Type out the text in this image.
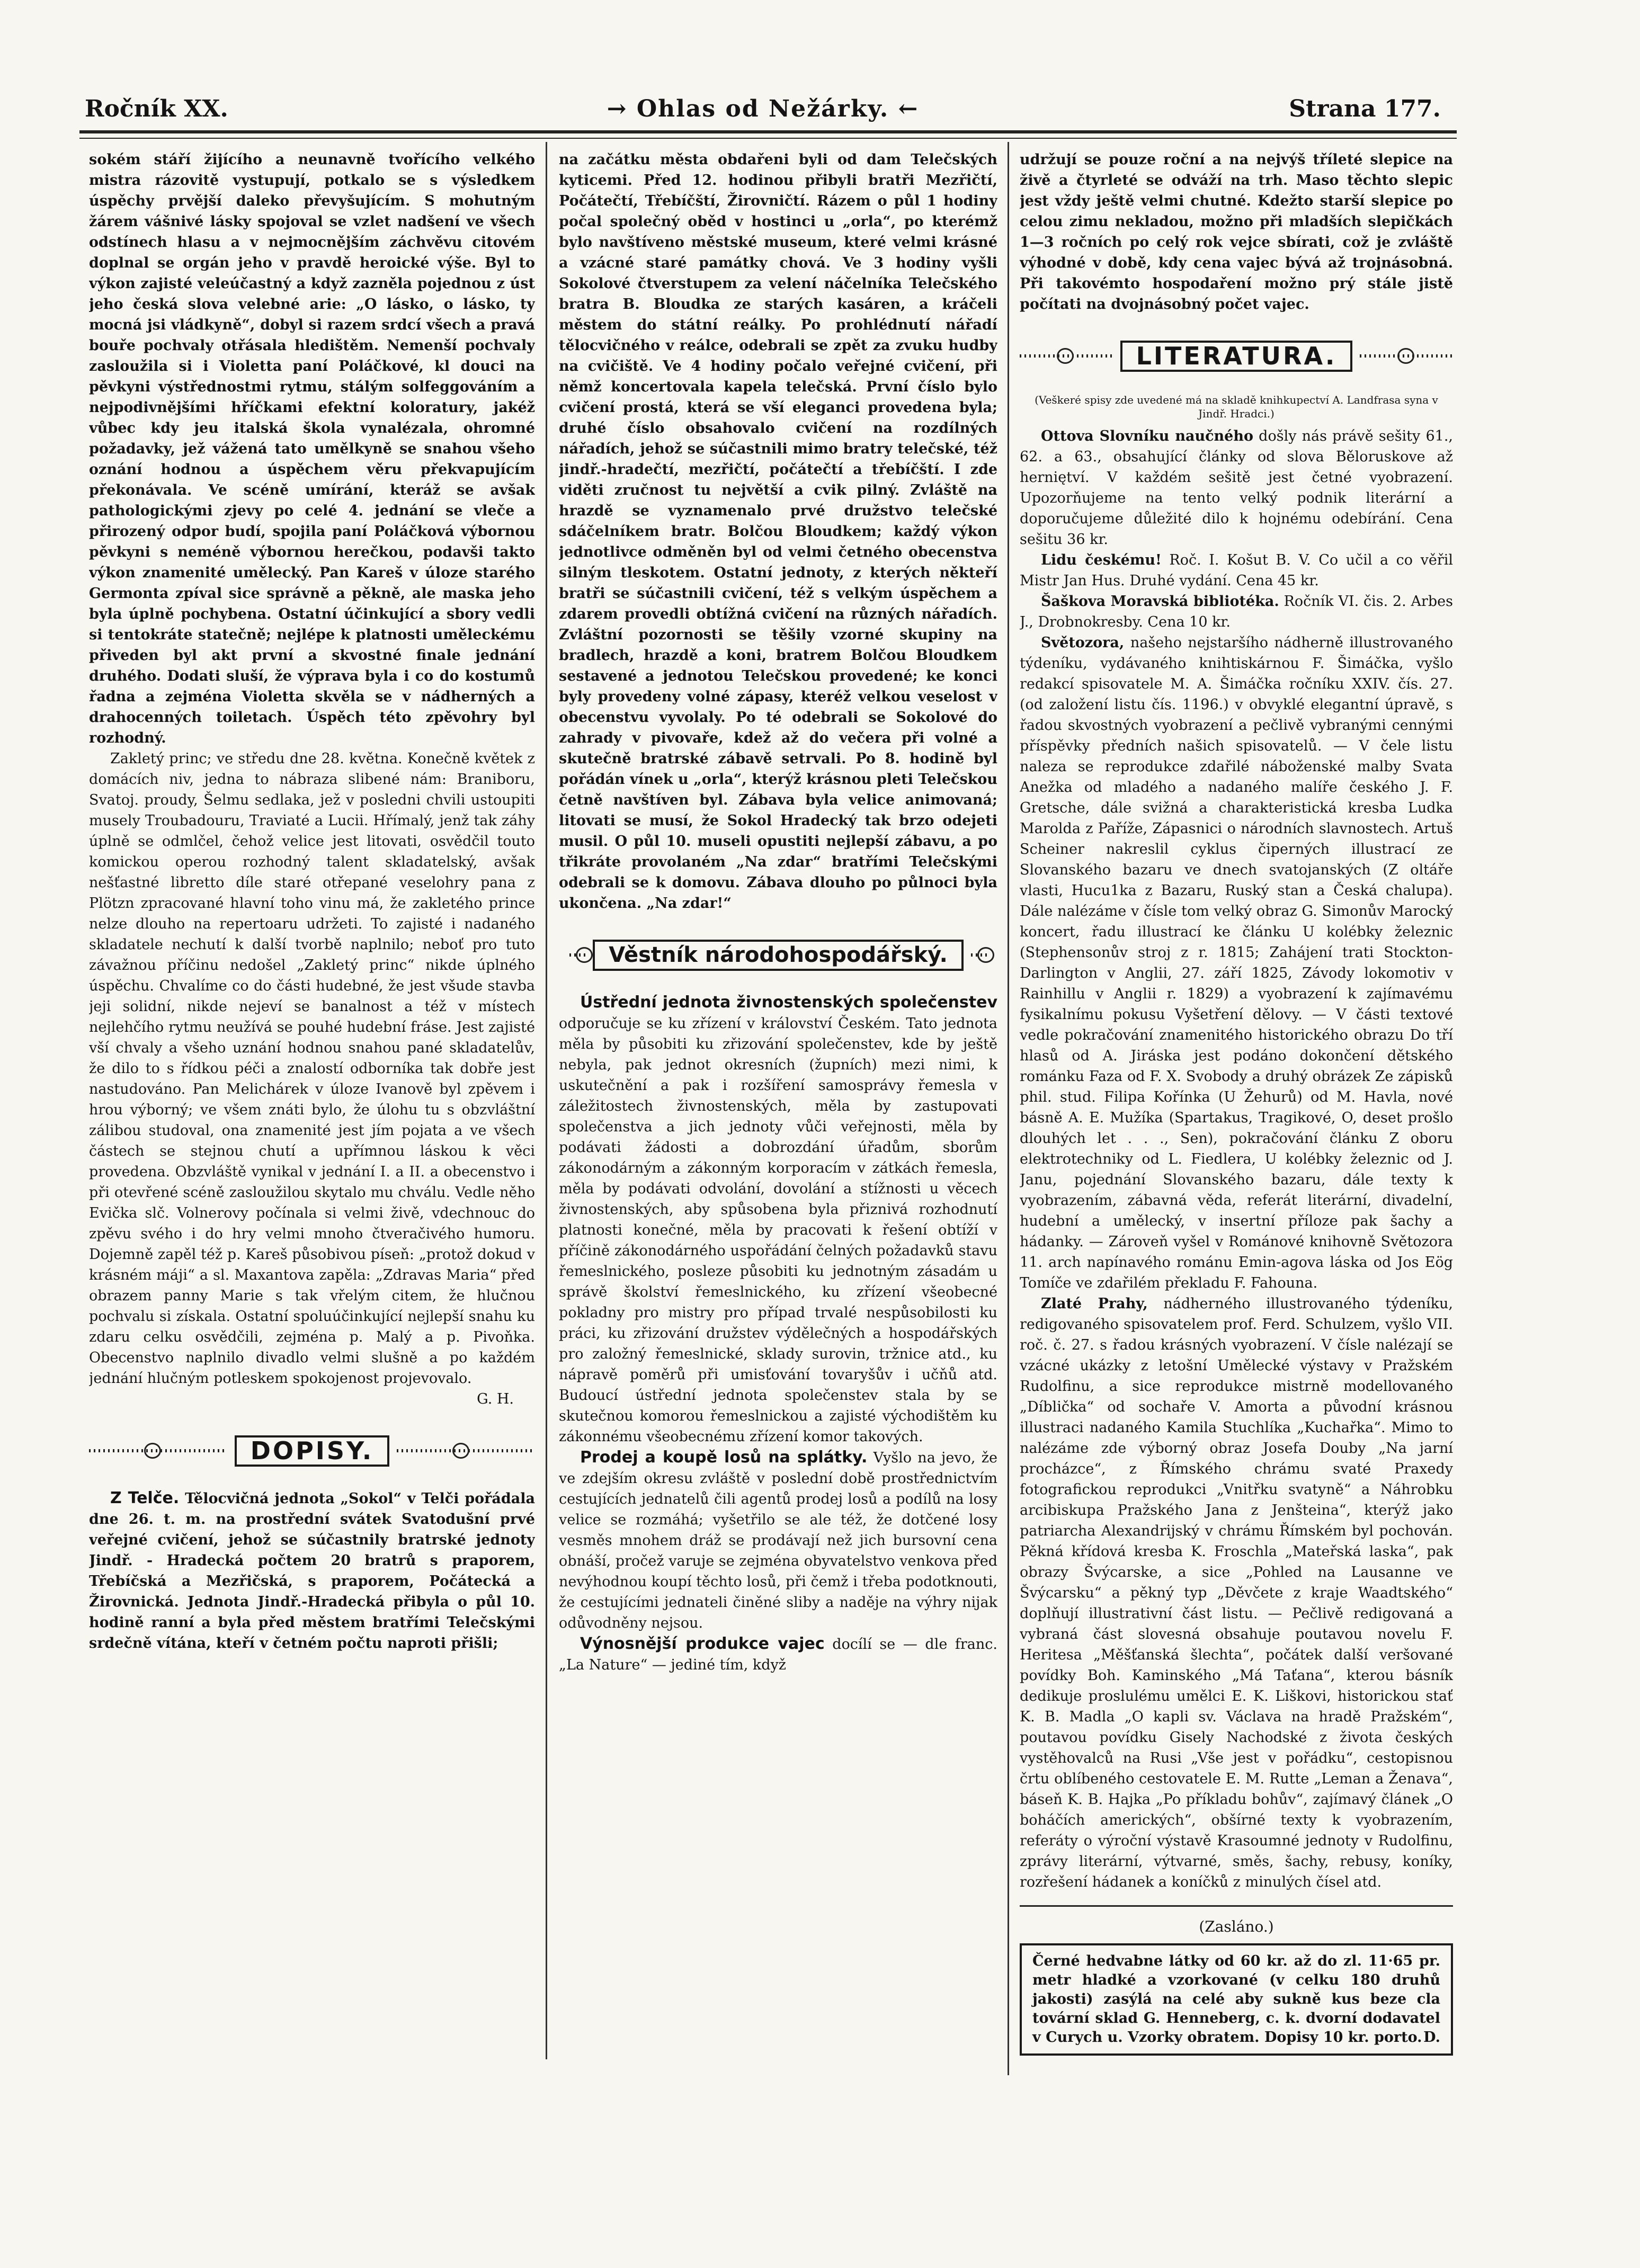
Ročník XX.	→ Ohlas od Nežárky. ←	Strana 177.

sokém stáří žijícího a neunavně tvořícího velkého mistra rázovitě vystupují, potkalo se s výsledkem úspěchy prvější daleko převyšujícím. S mohutným žárem vášnivé lásky spojoval se vzlet nadšení ve všech odstínech hlasu a v nejmocnějším záchvěvu citovém doplnal se orgán jeho v pravdě heroické výše. Byl to výkon zajisté veleúčastný a když zazněla pojednou z úst jeho česká slova velebné arie: „O lásko, o lásko, ty mocná jsi vládkyně“, dobyl si razem srdcí všech a pravá bouře pochvaly otřásala hledištěm. Nemenší pochvaly zasloužila si i Violetta paní Poláčkové, kl douci na pěvkyni výstřednostmi rytmu, stálým solfeggováním a nejpodivnějšími hříčkami efektní koloratury, jakéž vůbec kdy jeu italská škola vynalézala, ohromné požadavky, jež vážená tato umělkyně se snahou všeho oznání hodnou a úspěchem věru překvapujícím překonávala. Ve scéně umírání, kteráž se avšak pathologickými zjevy po celé 4. jednání se vleče a přirozený odpor budí, spojila paní Poláčková výbornou pěvkyni s neméně výbornou herečkou, podavši takto výkon znamenité umělecký. Pan Kareš v úloze starého Germonta zpíval sice správně a pěkně, ale maska jeho byla úplně pochybena. Ostatní účinkující a sbory vedli si tentokráte statečně; nejlépe k platnosti uměleckému přiveden byl akt první a skvostné finale jednání druhého. Dodati sluší, že výprava byla i co do kostumů řadna a zejména Violetta skvěla se v nádherných a drahocenných toiletach. Úspěch této zpěvohry byl rozhodný.

Zakletý princ; ve středu dne 28. května. Konečně květek z domácích niv, jedna to nábraza slibené nám: Braniboru, Svatoj. proudy, Šelmu sedlaka, jež v posledni chvili ustoupiti musely Troubadouru, Traviaté a Lucii. Hřímalý, jenž tak záhy úplně se odmlčel, čehož velice jest litovati, osvědčil touto komickou operou rozhodný talent skladatelský, avšak nešťastné libretto díle staré otřepané veselohry pana z Plötzn zpracované hlavní toho vinu má, že zakletého prince nelze dlouho na repertoaru udržeti. To zajisté i nadaného skladatele nechutí k další tvorbě naplnilo; neboť pro tuto závažnou příčinu nedošel „Zakletý princ“ nikde úplného úspěchu. Chvalíme co do části hudebné, že jest všude stavba jeji solidní, nikde nejeví se banalnost a též v místech nejlehčího rytmu neužívá se pouhé hudební fráse. Jest zajisté vší chvaly a všeho uznání hodnou snahou pané skladatelův, že dilo to s řídkou péči a znalostí odborníka tak dobře jest nastudováno. Pan Melichárek v úloze Ivanově byl zpěvem i hrou výborný; ve všem znáti bylo, že úlohu tu s obzvláštní zálibou studoval, ona znamenité jest jím pojata a ve všech částech se stejnou chutí a upřímnou láskou k věci provedena. Obzvláště vynikal v jednání I. a II. a obecenstvo i při otevřené scéně zasloužilou skytalo mu chválu. Vedle něho Evička slč. Volnerovy počínala si velmi živě, vdechnouc do zpěvu svého i do hry velmi mnoho čtveračivého humoru. Dojemně zapěl též p. Kareš působivou píseň: „protož dokud v krásném máji“ a sl. Maxantova zapěla: „Zdravas Maria“ před obrazem panny Marie s tak vřelým citem, že hlučnou pochvalu si získala. Ostatní spoluúčinkující nejlepší snahu ku zdaru celku osvědčili, zejména p. Malý a p. Pivoňka. Obecenstvo naplnilo divadlo velmi slušně a po každém jednání hlučným potleskem spokojenost projevovalo.

G. H.
DOPISY.

Z Telče. Tělocvičná jednota „Sokol“ v Telči pořádala dne 26. t. m. na prostřední svátek Svatodušní prvé veřejné cvičení, jehož se súčastnily bratrské jednoty Jindř. - Hradecká počtem 20 bratrů s praporem, Třebíčská a Mezřičská, s praporem, Počátecká a Žirovnická. Jednota Jindř.-Hradecká přibyla o půl 10. hodině ranní a byla před městem bratřími Telečskými srdečně vítána, kteří v četném počtu naproti přišli;

na začátku města obdařeni byli od dam Telečských kyticemi. Před 12. hodinou přibyli bratři Mezřičtí, Počátečtí, Třebíčští, Žirovničtí. Rázem o půl 1 hodiny počal společný oběd v hostinci u „orla“, po kterémž bylo navštíveno městské museum, které velmi krásné a vzácné staré památky chová. Ve 3 hodiny vyšli Sokolové čtverstupem za velení náčelníka Telečského bratra B. Bloudka ze starých kasáren, a kráčeli městem do státní reálky. Po prohlédnutí nářadí tělocvičného v reálce, odebrali se zpět za zvuku hudby na cvičiště. Ve 4 hodiny počalo veřejné cvičení, při němž koncertovala kapela telečská. První číslo bylo cvičení prostá, která se vší eleganci provedena byla; druhé číslo obsahovalo cvičení na rozdílných nářadích, jehož se súčastnili mimo bratry telečské, též jindř.-hradečtí, mezřičtí, počátečtí a třebíčští. I zde viděti zručnost tu největší a cvik pilný. Zvláště na hrazdě se vyznamenalo prvé družstvo telečské sdáčelníkem bratr. Bolčou Bloudkem; každý výkon jednotlivce odměněn byl od velmi četného obecenstva silným tleskotem. Ostatní jednoty, z kterých někteří bratři se súčastnili cvičení, též s velkým úspěchem a zdarem provedli obtížná cvičení na různých nářadích. Zvláštní pozornosti se těšily vzorné skupiny na bradlech, hrazdě a koni, bratrem Bolčou Bloudkem sestavené a jednotou Telečskou provedené; ke konci byly provedeny volné zápasy, kteréž velkou veselost v obecenstvu vyvolaly. Po té odebrali se Sokolové do zahrady v pivovaře, kdež až do večera při volné a skutečně bratrské zábavě setrvali. Po 8. hodině byl pořádán vínek u „orla“, kterýž krásnou pleti Telečskou četně navštíven byl. Zábava byla velice animovaná; litovati se musí, že Sokol Hradecký tak brzo odejeti musil. O půl 10. museli opustiti nejlepší zábavu, a po třikráte provolaném „Na zdar“ bratřími Telečskými odebrali se k domovu. Zábava dlouho po půlnoci byla ukončena. „Na zdar!“

Věstník národohospodářský.

Ústřední jednota živnostenských společenstev odporučuje se ku zřízení v království Českém. Tato jednota měla by působiti ku zřizování společenstev, kde by ještě nebyla, pak jednot okresních (župních) mezi nimi, k uskutečnění a pak i rozšíření samosprávy řemesla v záležitostech živnostenských, měla by zastupovati společenstva a jich jednoty vůči veřejnosti, měla by podávati žádosti a dobrozdání úřadům, sborům zákonodárným a zákonným korporacím v zátkách řemesla, měla by podávati odvolání, dovolání a stížnosti u věcech živnostenských, aby spůsobena byla přiznivá rozhodnutí platnosti konečné, měla by pracovati k řešení obtíží v příčině zákonodárného uspořádání čelných požadavků stavu řemeslnického, posleze působiti ku jednotným zásadám u správě školství řemeslnického, ku zřízení všeobecné pokladny pro mistry pro případ trvalé nespůsobilosti ku práci, ku zřizování družstev výdělečných a hospodářských pro založný řemeslnické, sklady surovin, tržnice atd., ku nápravě poměrů při umisťování tovaryšův i učňů atd. Budoucí ústřední jednota společenstev stala by se skutečnou komorou řemeslnickou a zajisté východištěm ku zákonnému všeobecnému zřízení komor takových.

Prodej a koupě losů na splátky. Vyšlo na jevo, že ve zdejším okresu zvláště v poslední době prostřednictvím cestujících jednatelů čili agentů prodej losů a podílů na losy velice se rozmáhá; vyšetřilo se ale též, že dotčené losy vesměs mnohem dráž se prodávají než jich bursovní cena obnáší, pročež varuje se zejména obyvatelstvo venkova před nevýhodnou koupí těchto losů, při čemž i třeba podotknouti, že cestujícími jednateli činěné sliby a naděje na výhry nijak odůvodněny nejsou.

Výnosnější produkce vajec docílí se — dle franc. „La Nature“ — jediné tím, když

udržují se pouze roční a na nejvýš tříleté slepice na živě a čtyrleté se odváží na trh. Maso těchto slepic jest vždy ještě velmi chutné. Kdežto starší slepice po celou zimu nekladou, možno při mladších slepičkách 1—3 ročních po celý rok vejce sbírati, což je zvláště výhodné v době, kdy cena vajec bývá až trojnásobná. Při takovémto hospodaření možno prý stále jistě počítati na dvojnásobný počet vajec.

LITERATURA.
(Veškeré spisy zde uvedené má na skladě knihkupectví A. Landfrasa syna v Jindř. Hradci.)

Ottova Slovníku naučného došly nás právě sešity 61., 62. a 63., obsahující články od slova Běloruskove až herniętví. V každém sešitě jest četné vyobrazení. Upozorňujeme na tento velký podnik literární a doporučujeme důležité dilo k hojnému odebírání. Cena sešitu 36 kr.

Lidu českému! Roč. I. Košut B. V. Co učil a co věřil Mistr Jan Hus. Druhé vydání. Cena 45 kr.

Šaškova Moravská bibliotéka. Ročník VI. čis. 2. Arbes J., Drobnokresby. Cena 10 kr.

Světozora, našeho nejstaršího nádherně illustrovaného týdeníku, vydávaného knihtiskárnou F. Šimáčka, vyšlo redakcí spisovatele M. A. Šimáčka ročníku XXIV. čís. 27. (od založení listu čís. 1196.) v obvyklé elegantní úpravě, s řadou skvostných vyobrazení a pečlivě vybranými cennými příspěvky předních našich spisovatelů. — V čele listu naleza se reprodukce zdařilé náboženské malby Svata Anežka od mladého a nadaného malíře českého J. F. Gretsche, dále svižná a charakteristická kresba Ludka Marolda z Paříže, Zápasnici o národních slavnostech. Artuš Scheiner nakreslil cyklus čiperných illustrací ze Slovanského bazaru ve dnech svatojanských (Z oltáře vlasti, Hucu1ka z Bazaru, Ruský stan a Česká chalupa). Dále nalézáme v čísle tom velký obraz G. Simonův Marocký koncert, řadu illustrací ke článku U kolébky železnic (Stephensonův stroj z r. 1815; Zahájení trati Stockton-Darlington v Anglii, 27. září 1825, Závody lokomotiv v Rainhillu v Anglii r. 1829) a vyobrazení k zajímavému fysikalnímu pokusu Vyšetření dělovy. — V části textové vedle pokračování znamenitého historického obrazu Do tří hlasů od A. Jiráska jest podáno dokončení dětského románku Faza od F. X. Svobody a druhý obrázek Ze zápisků phil. stud. Filipa Kořínka (U Žehurů) od M. Havla, nové básně A. E. Mužíka (Spartakus, Tragikové, O, deset prošlo dlouhých let . . ., Sen), pokračování článku Z oboru elektrotechniky od L. Fiedlera, U kolébky železnic od J. Janu, pojednání Slovanského bazaru, dále texty k vyobrazením, zábavná věda, referát literární, divadelní, hudební a umělecký, v insertní příloze pak šachy a hádanky. — Zároveň vyšel v Románové knihovně Světozora 11. arch napínavého románu Emin-agova láska od Jos Eög Tomíče ve zdařilém překladu F. Fahouna.

Zlaté Prahy, nádherného illustrovaného týdeníku, redigovaného spisovatelem prof. Ferd. Schulzem, vyšlo VII. roč. č. 27. s řadou krásných vyobrazení. V čísle nalézají se vzácné ukázky z letošní Umělecké výstavy v Pražském Rudolfinu, a sice reprodukce mistrně modellovaného „Díblička“ od sochaře V. Amorta a původní krásnou illustraci nadaného Kamila Stuchlíka „Kuchařka“. Mimo to nalézáme zde výborný obraz Josefa Douby „Na jarní procházce“, z Římského chrámu svaté Praxedy fotografickou reprodukci „Vnitřku svatyně“ a Náhrobku arcibiskupa Pražského Jana z Jenšteina“, kterýž jako patriarcha Alexandrijský v chrámu Římském byl pochován. Pěkná křídová kresba K. Froschla „Mateřská laska“, pak obrazy Švýcarske, a sice „Pohled na Lausanne ve Švýcarsku“ a pěkný typ „Děvčete z kraje Waadtského“ doplňují illustrativní část listu. — Pečlivě redigovaná a vybraná část slovesná obsahuje poutavou novelu F. Heritesa „Měšťanská šlechta“, počátek další veršované povídky Boh. Kaminského „Má Taťana“, kterou básník dedikuje proslulému umělci E. K. Liškovi, historickou stať K. B. Madla „O kapli sv. Václava na hradě Pražském“, poutavou povídku Gisely Nachodské z života českých vystěhovalců na Rusi „Vše jest v pořádku“, cestopisnou črtu oblíbeného cestovatele E. M. Rutte „Leman a Ženava“, báseň K. B. Hajka „Po příkladu bohův“, zajímavý článek „O boháčích amerických“, obšírné texty k vyobrazením, referáty o výroční výstavě Krasoumné jednoty v Rudolfinu, zprávy literární, výtvarné, směs, šachy, rebusy, koníky, rozřešení hádanek a koníčků z minulých čísel atd.

(Zasláno.)
Černé hedvabne látky od 60 kr. až do zl. 11·65 pr. metr hladké a vzorkované (v celku 180 druhů jakosti) zasýlá na celé aby sukně kus beze cla tovární sklad G. Henneberg, c. k. dvorní dodavatel v Curych u. Vzorky obratem. Dopisy 10 kr. porto. D.
